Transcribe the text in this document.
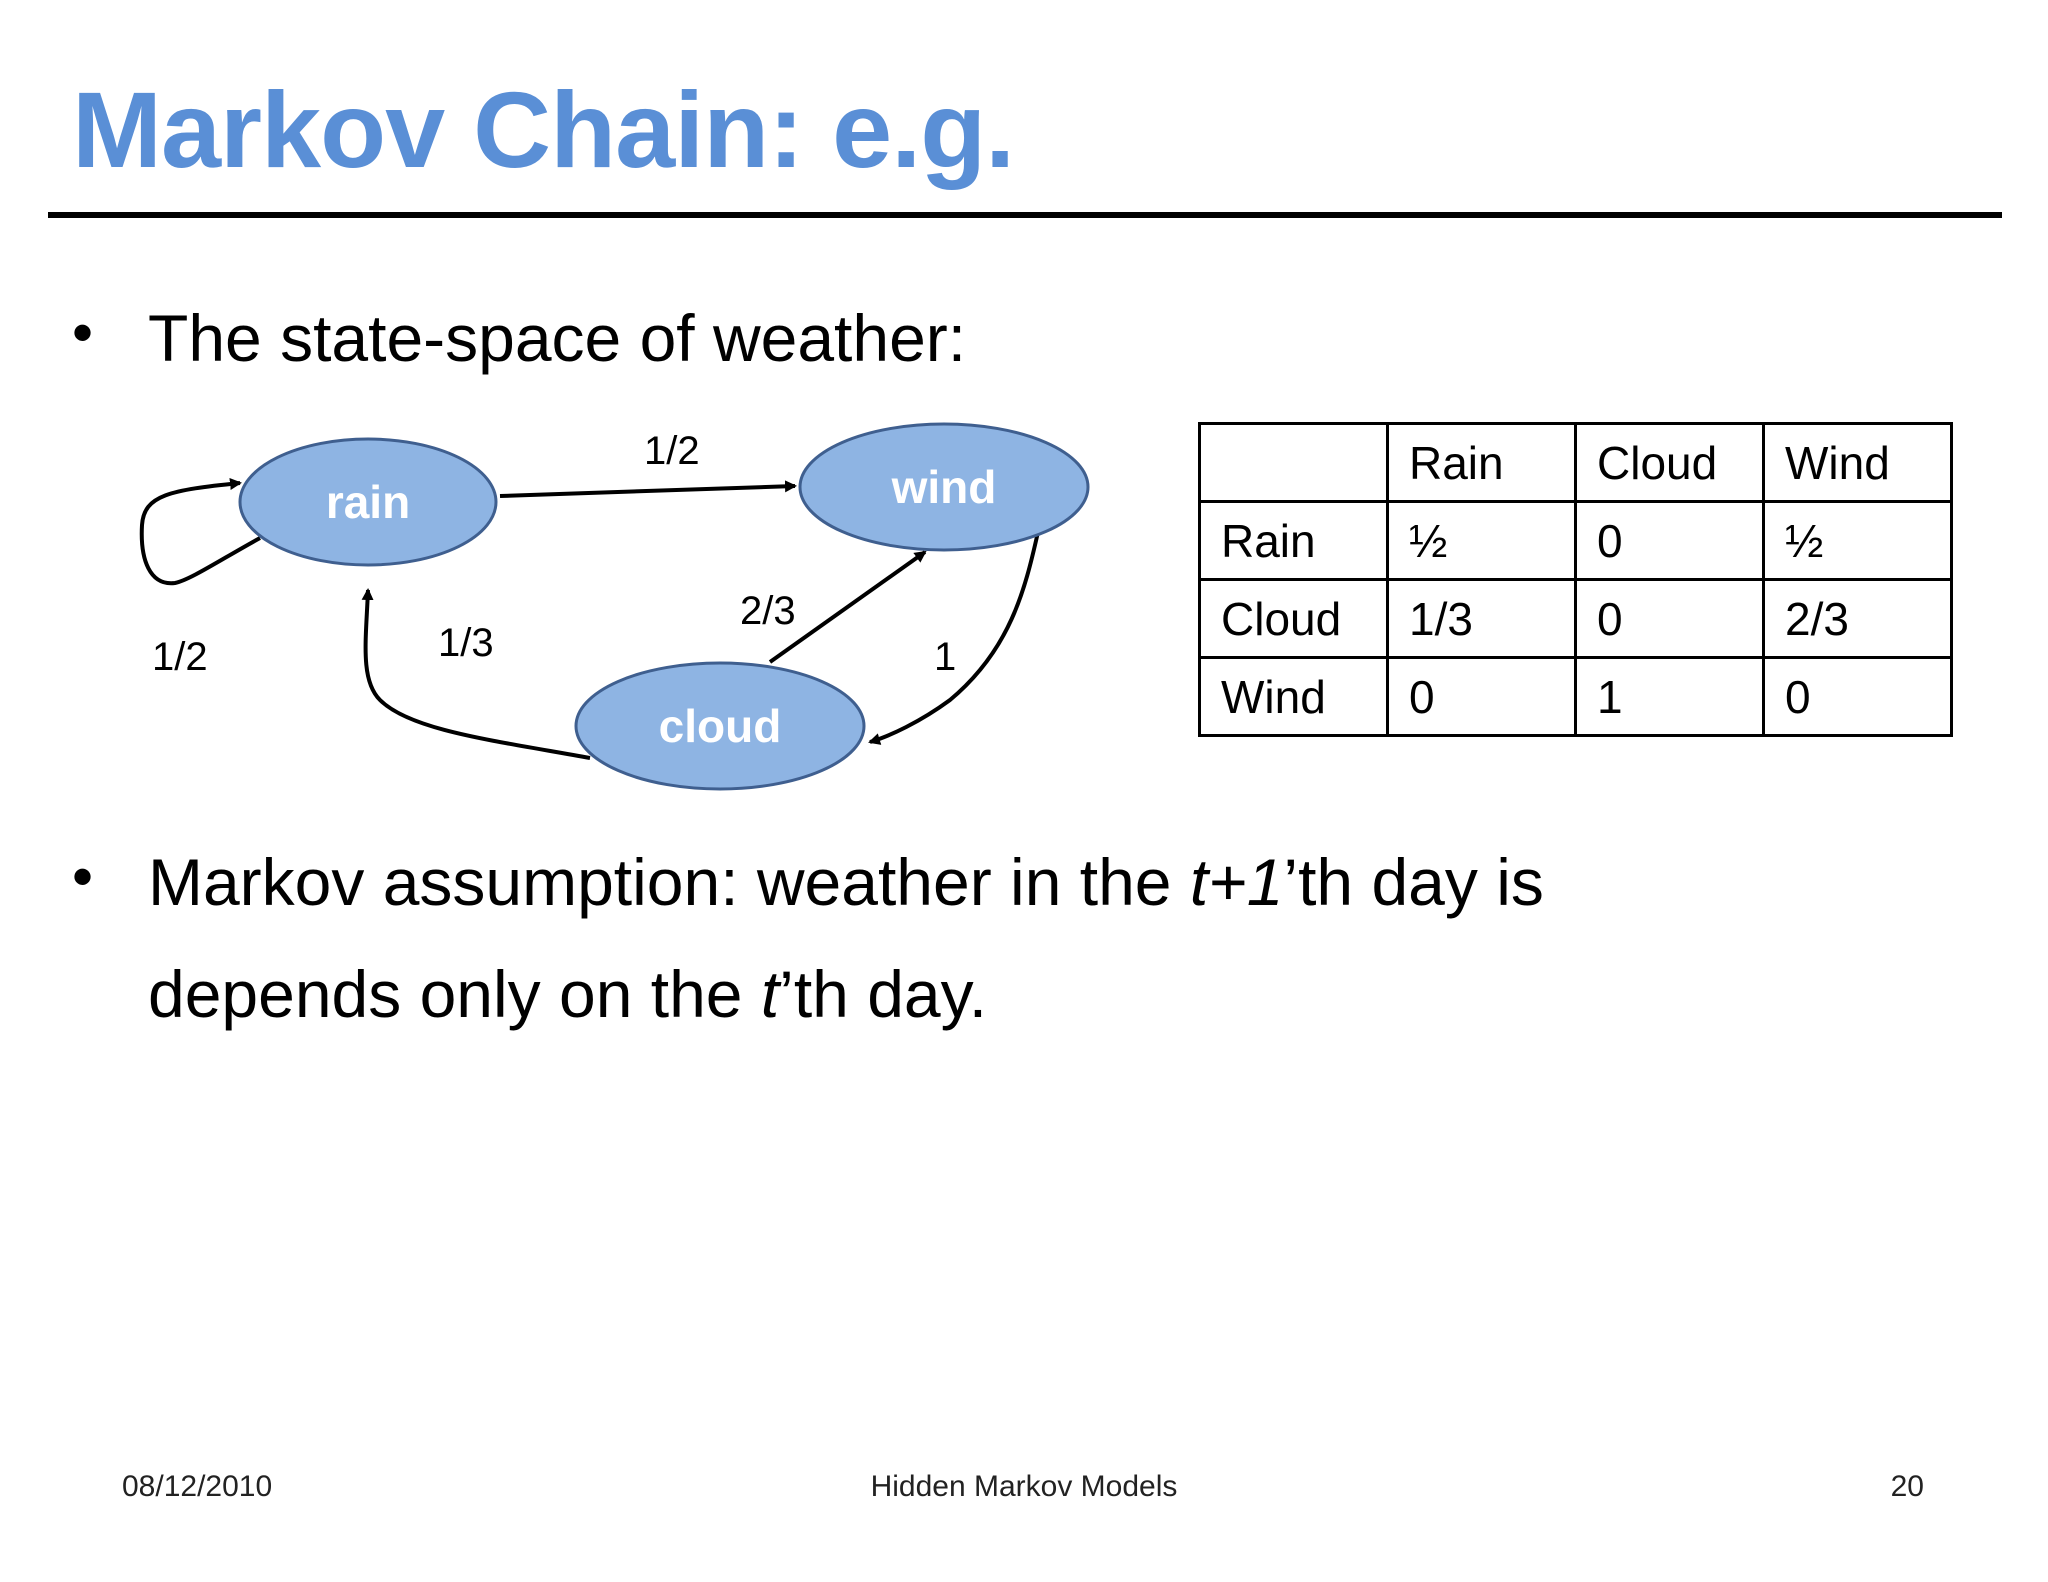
Markov Chain: e.g.
• The state-space of weather:
rain	wind
cloud
1/2
1/2
1/3
2/3
1
	Rain	Cloud	Wind
Rain	½	0	½
Cloud	1/3	0	2/3
Wind	0	1	0
• Markov assumption: weather in the t+1’th day is
depends only on the t’th day.
08/12/2010	Hidden Markov Models	20
